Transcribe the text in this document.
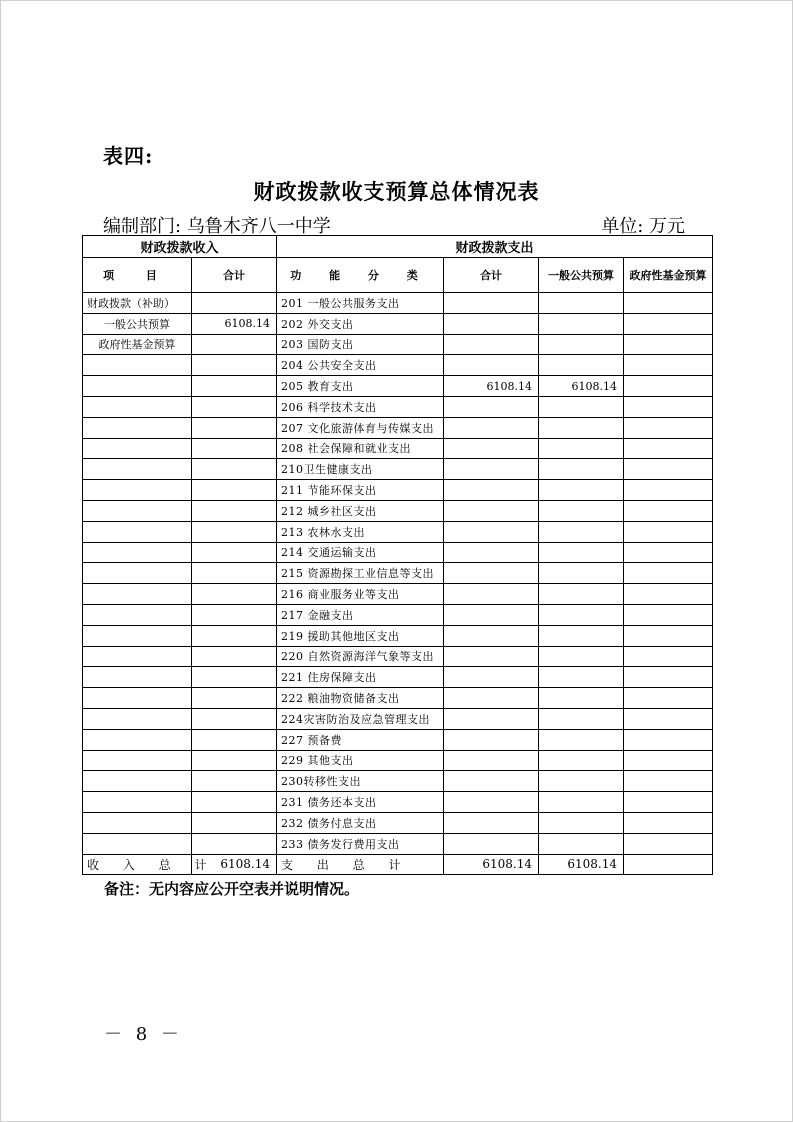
表四:
财政拨款收支预算总体情况表
编制部门: 乌鲁木齐八一中学	单位: 万元
财政拨款收入		财政拨款支出			
项 目	合计	功 能 分 类	合计	一般公共预算	政府性基金预算
财政拨款（补助）		201 一般公共服务支出			
一般公共预算	6108.14	202 外交支出			
政府性基金预算		203 国防支出			
		204 公共安全支出			
		205 教育支出	6108.14	6108.14	
		206 科学技术支出			
		207 文化旅游体育与传媒支出			
		208 社会保障和就业支出			
		210卫生健康支出			
		211 节能环保支出			
		212 城乡社区支出			
		213 农林水支出			
		214 交通运输支出			
		215 资源勘探工业信息等支出			
		216 商业服务业等支出			
		217 金融支出			
		219 援助其他地区支出			
		220 自然资源海洋气象等支出			
		221 住房保障支出			
		222 粮油物资储备支出			
		224灾害防治及应急管理支出			
		227 预备费			
		229 其他支出			
		230转移性支出			
		231 债务还本支出			
		232 债务付息支出			
		233 债务发行费用支出			
收 入 总 计	6108.14	支 出 总 计	6108.14	6108.14	
备注：无内容应公开空表并说明情况。
－ 8 －
